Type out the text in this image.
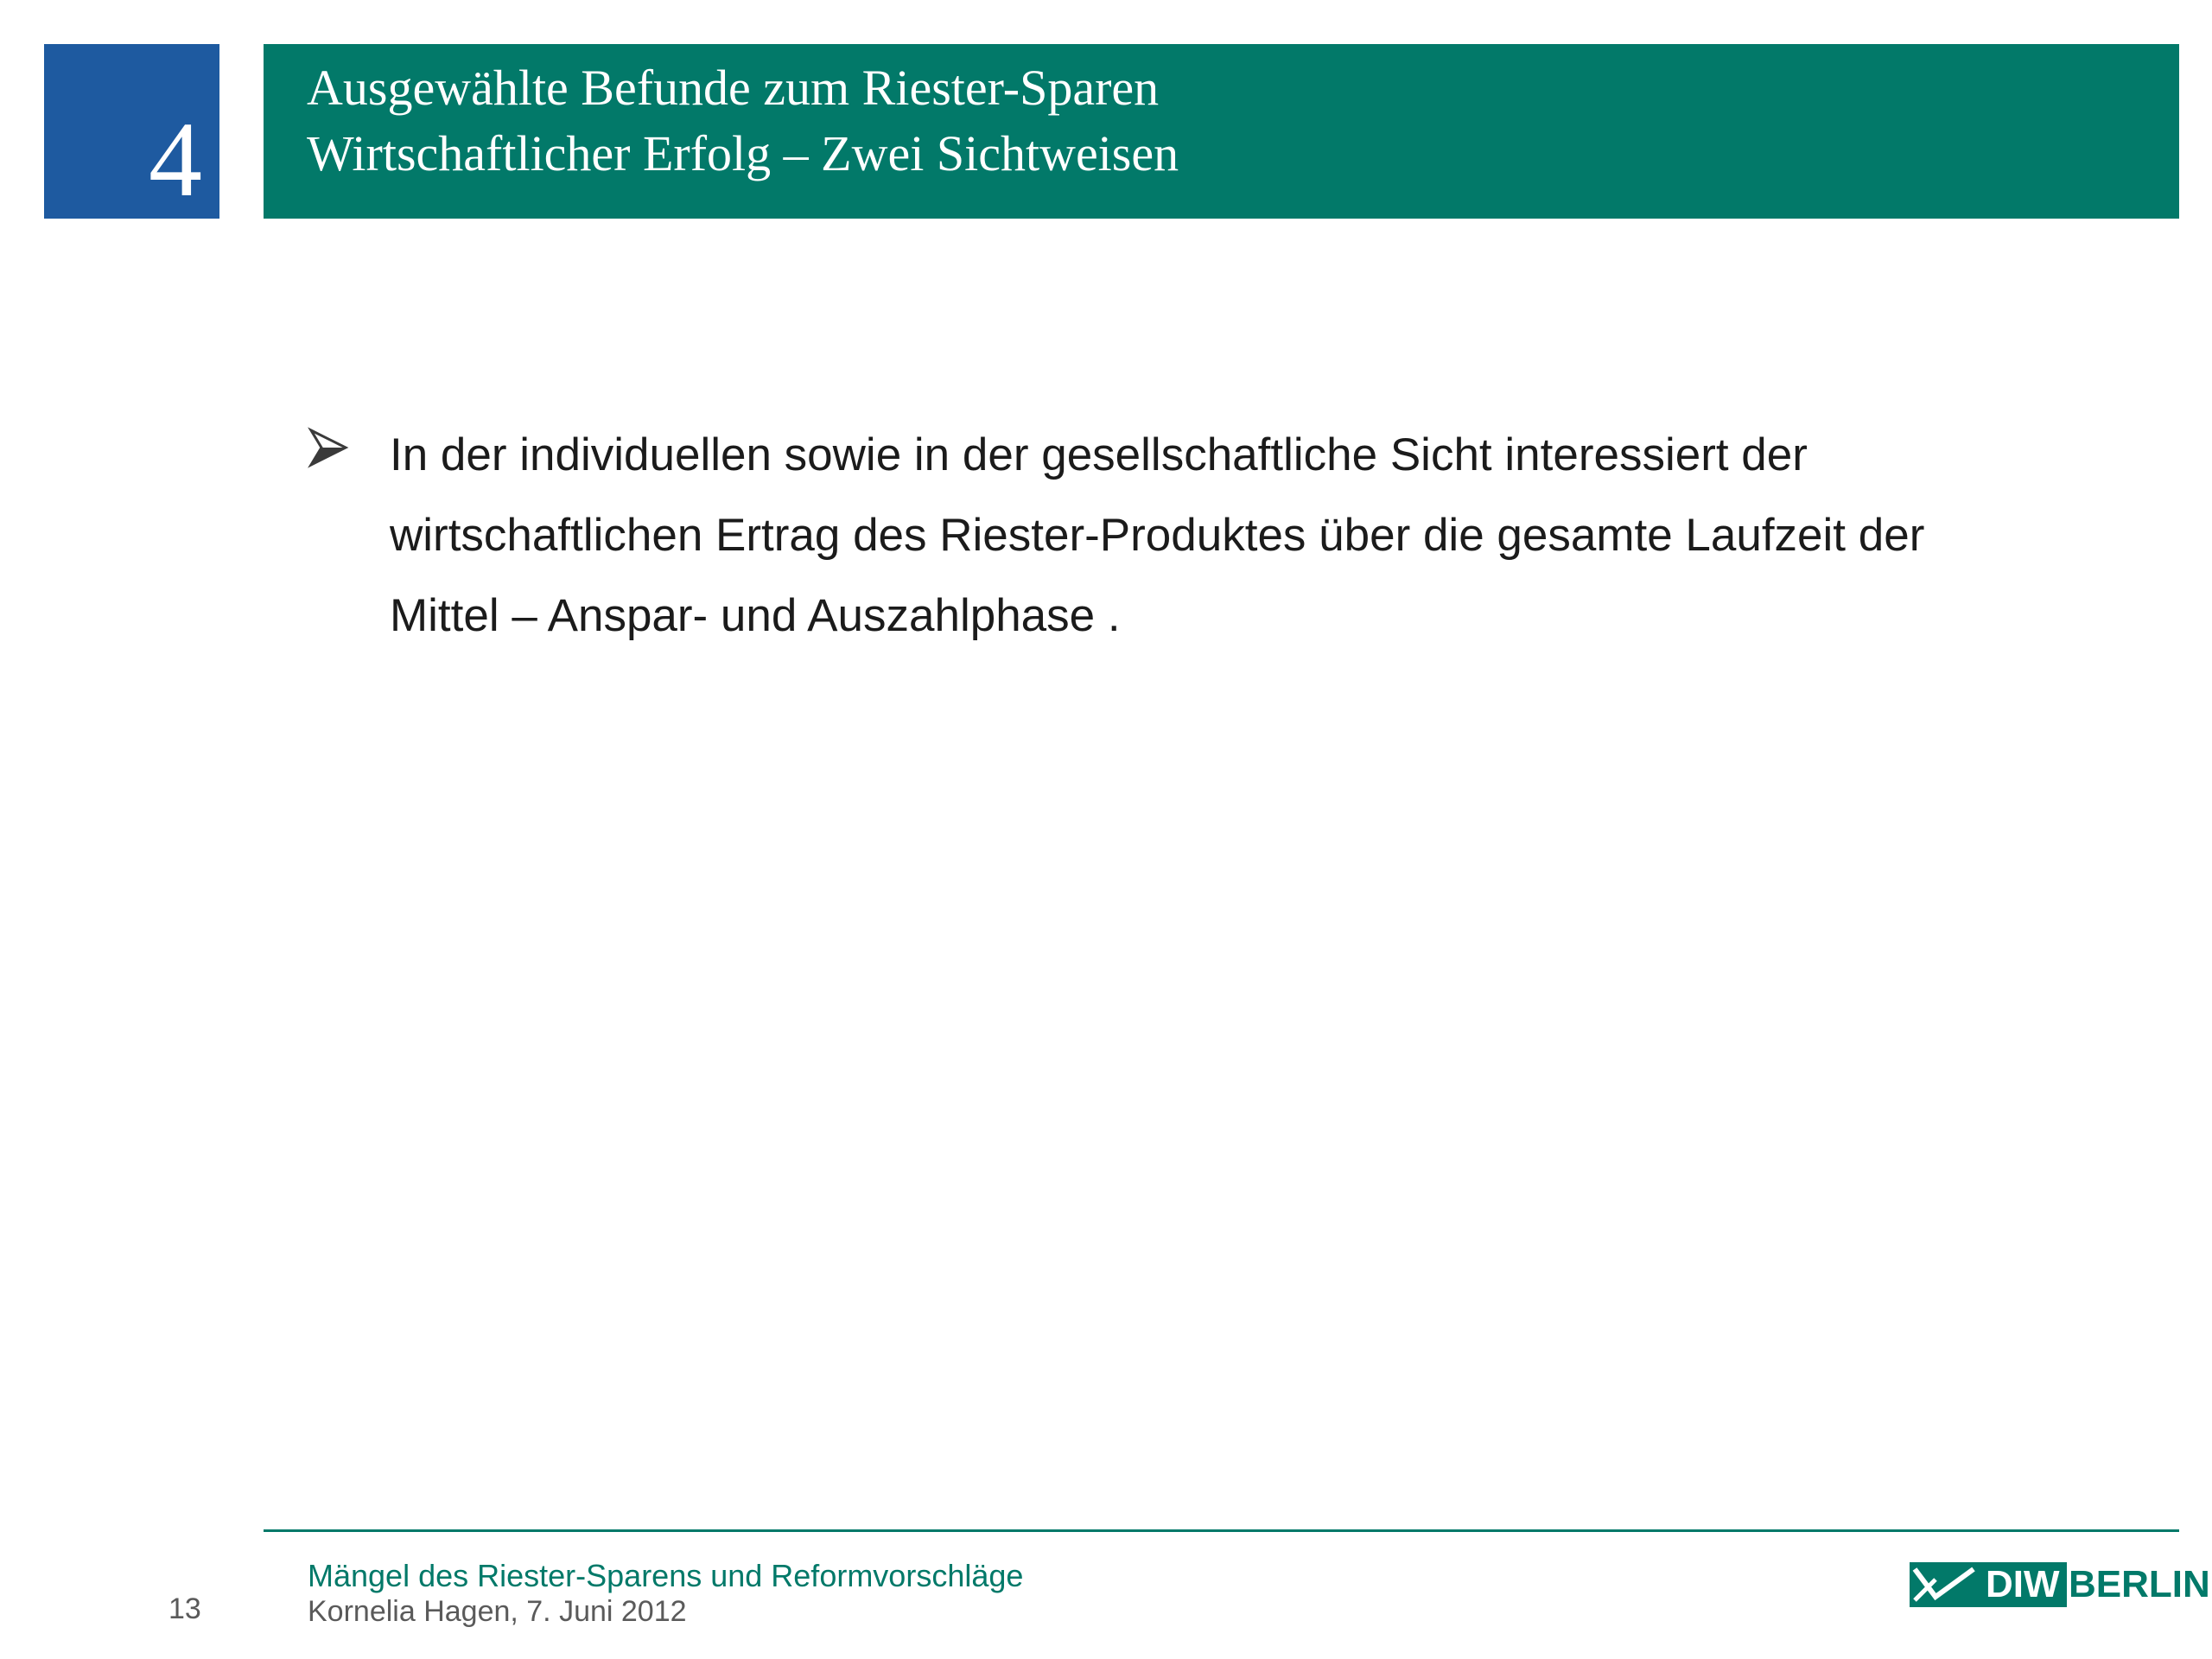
4
Ausgewählte Befunde zum Riester-Sparen
Wirtschaftlicher Erfolg – Zwei Sichtweisen
In der individuellen sowie in der gesellschaftliche Sicht interessiert der
wirtschaftlichen Ertrag des Riester-Produktes über die gesamte Laufzeit der
Mittel – Anspar- und Auszahlphase .
13
Mängel des Riester-Sparens und Reformvorschläge
Kornelia Hagen, 7. Juni 2012
DIW BERLIN
